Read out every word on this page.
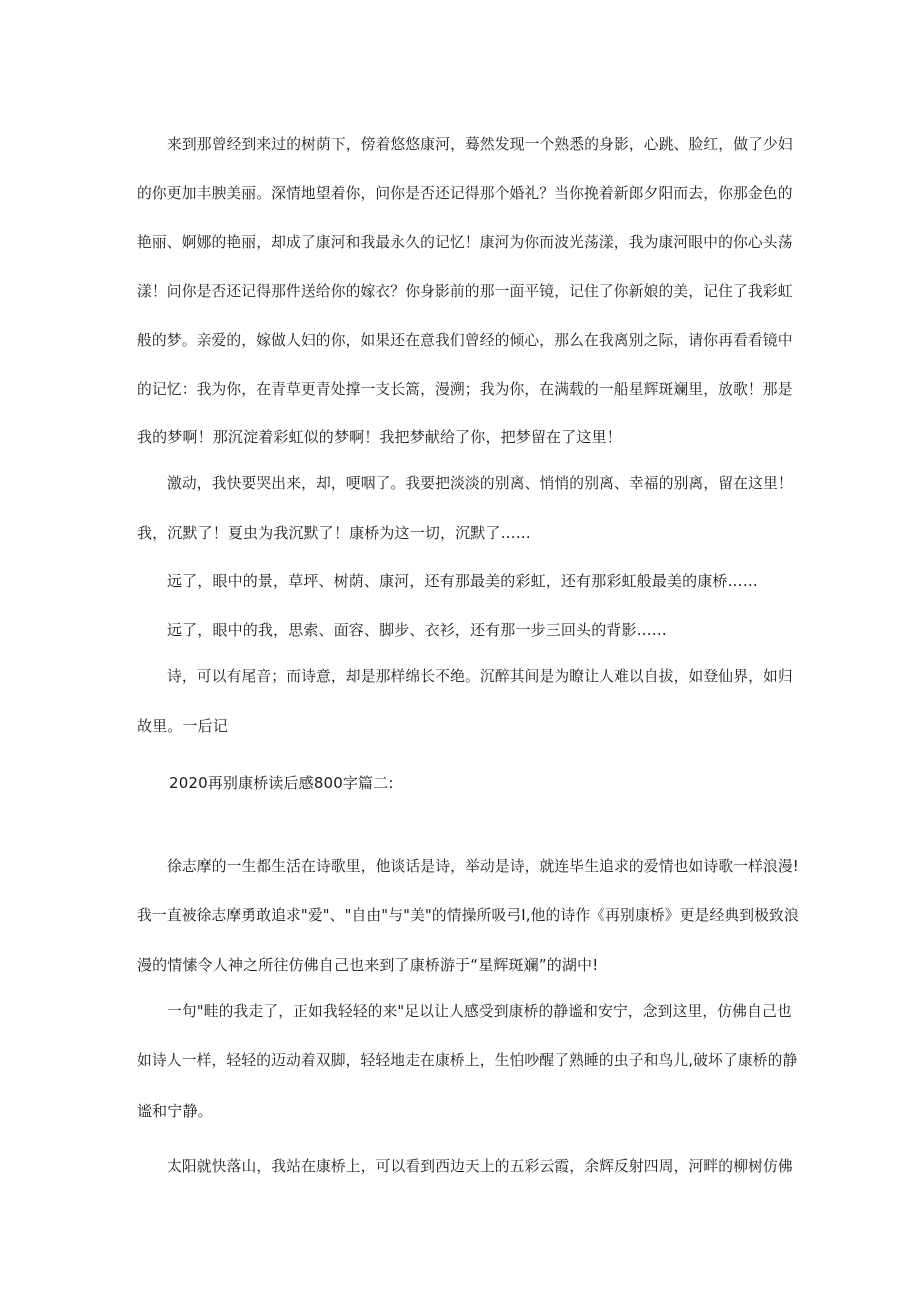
来到那曾经到来过的树荫下，傍着悠悠康河，蓦然发现一个熟悉的身影，心跳、脸红，做了少妇
的你更加丰腴美丽。深情地望着你，问你是否还记得那个婚礼？当你挽着新郎夕阳而去，你那金色的
艳丽、婀娜的艳丽，却成了康河和我最永久的记忆！康河为你而波光荡漾，我为康河眼中的你心头荡
漾！问你是否还记得那件送给你的嫁衣？你身影前的那一面平镜，记住了你新娘的美，记住了我彩虹
般的梦。亲爱的，嫁做人妇的你，如果还在意我们曾经的倾心，那么在我离别之际，请你再看看镜中
的记忆：我为你，在青草更青处撑一支长篙，漫溯；我为你，在满载的一船星辉斑斓里，放歌！那是
我的梦啊！那沉淀着彩虹似的梦啊！我把梦献给了你，把梦留在了这里！
激动，我快要哭出来，却，哽咽了。我要把淡淡的别离、悄悄的别离、幸福的别离，留在这里！
我，沉默了！夏虫为我沉默了！康桥为这一切，沉默了……
远了，眼中的景，草坪、树荫、康河，还有那最美的彩虹，还有那彩虹般最美的康桥……
远了，眼中的我，思索、面容、脚步、衣衫，还有那一步三回头的背影……
诗，可以有尾音；而诗意，却是那样绵长不绝。沉醉其间是为瞭让人难以自拔，如登仙界，如归
故里。一后记
2020再别康桥读后感800字篇二:
徐志摩的一生都生活在诗歌里，他谈话是诗，举动是诗，就连毕生追求的爱情也如诗歌一样浪漫!
我一直被徐志摩勇敢追求"爱"、"自由"与"美"的情操所吸弓I,他的诗作《再别康桥》更是经典到极致浪
漫的情愫令人神之所往仿佛自己也来到了康桥游于“星辉斑斓”的湖中!
一句"畦的我走了，正如我轻轻的来"足以让人感受到康桥的静谧和安宁，念到这里，仿佛自己也
如诗人一样，轻轻的迈动着双脚，轻轻地走在康桥上，生怕吵醒了熟睡的虫子和鸟儿,破坏了康桥的静
谧和宁静。
太阳就快落山，我站在康桥上，可以看到西边天上的五彩云霞，余辉反射四周，河畔的柳树仿佛
